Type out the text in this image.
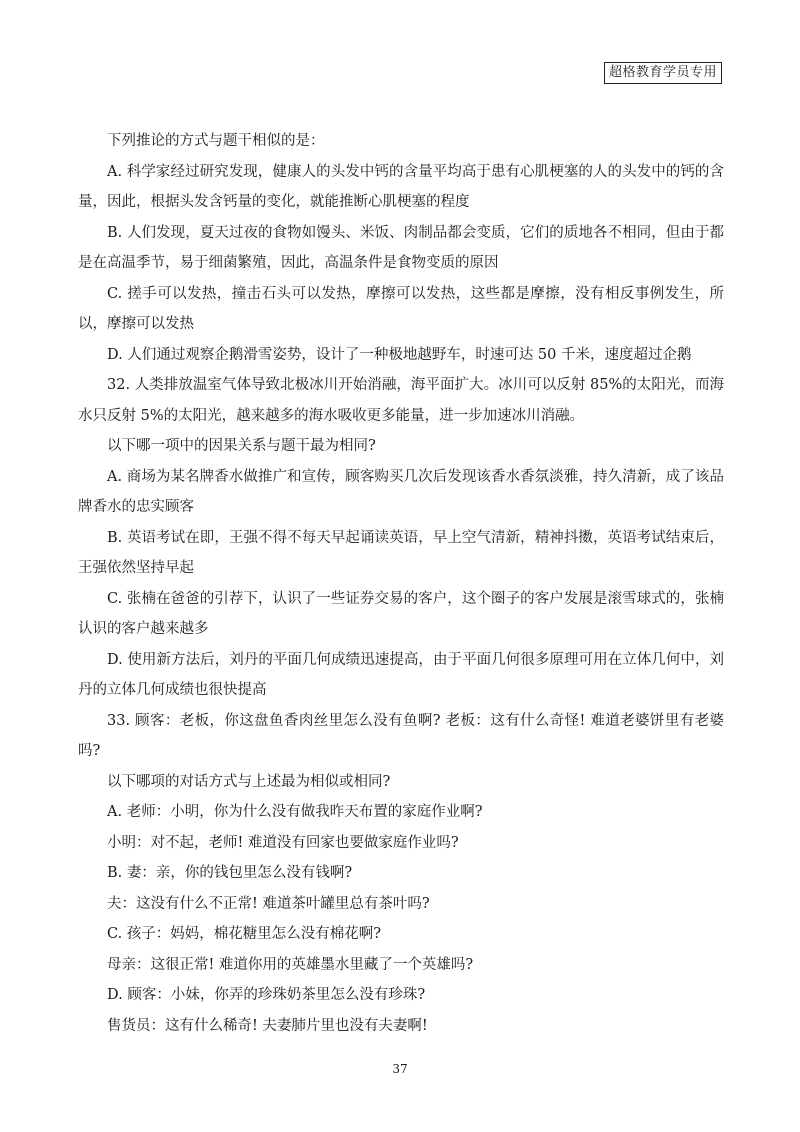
超格教育学员专用

下列推论的方式与题干相似的是：

A. 科学家经过研究发现，健康人的头发中钙的含量平均高于患有心肌梗塞的人的头发中的钙的含量，因此，根据头发含钙量的变化，就能推断心肌梗塞的程度

B. 人们发现，夏天过夜的食物如馒头、米饭、肉制品都会变质，它们的质地各不相同，但由于都是在高温季节，易于细菌繁殖，因此，高温条件是食物变质的原因

C. 搓手可以发热，撞击石头可以发热，摩擦可以发热，这些都是摩擦，没有相反事例发生，所以，摩擦可以发热

D. 人们通过观察企鹅滑雪姿势，设计了一种极地越野车，时速可达 50 千米，速度超过企鹅

32. 人类排放温室气体导致北极冰川开始消融，海平面扩大。冰川可以反射 85%的太阳光，而海水只反射 5%的太阳光，越来越多的海水吸收更多能量，进一步加速冰川消融。

以下哪一项中的因果关系与题干最为相同?

A. 商场为某名牌香水做推广和宣传，顾客购买几次后发现该香水香氛淡雅，持久清新，成了该品牌香水的忠实顾客

B. 英语考试在即，王强不得不每天早起诵读英语，早上空气清新，精神抖擞，英语考试结束后，王强依然坚持早起

C. 张楠在爸爸的引荐下，认识了一些证券交易的客户，这个圈子的客户发展是滚雪球式的，张楠认识的客户越来越多

D. 使用新方法后，刘丹的平面几何成绩迅速提高，由于平面几何很多原理可用在立体几何中，刘丹的立体几何成绩也很快提高

33. 顾客：老板，你这盘鱼香肉丝里怎么没有鱼啊? 老板：这有什么奇怪! 难道老婆饼里有老婆吗?

以下哪项的对话方式与上述最为相似或相同?

A. 老师：小明，你为什么没有做我昨天布置的家庭作业啊?

小明：对不起，老师! 难道没有回家也要做家庭作业吗?

B. 妻：亲，你的钱包里怎么没有钱啊?

夫：这没有什么不正常! 难道茶叶罐里总有茶叶吗?

C. 孩子：妈妈，棉花糖里怎么没有棉花啊?

母亲：这很正常! 难道你用的英雄墨水里藏了一个英雄吗?

D. 顾客：小妹，你弄的珍珠奶茶里怎么没有珍珠?

售货员：这有什么稀奇! 夫妻肺片里也没有夫妻啊!

37
